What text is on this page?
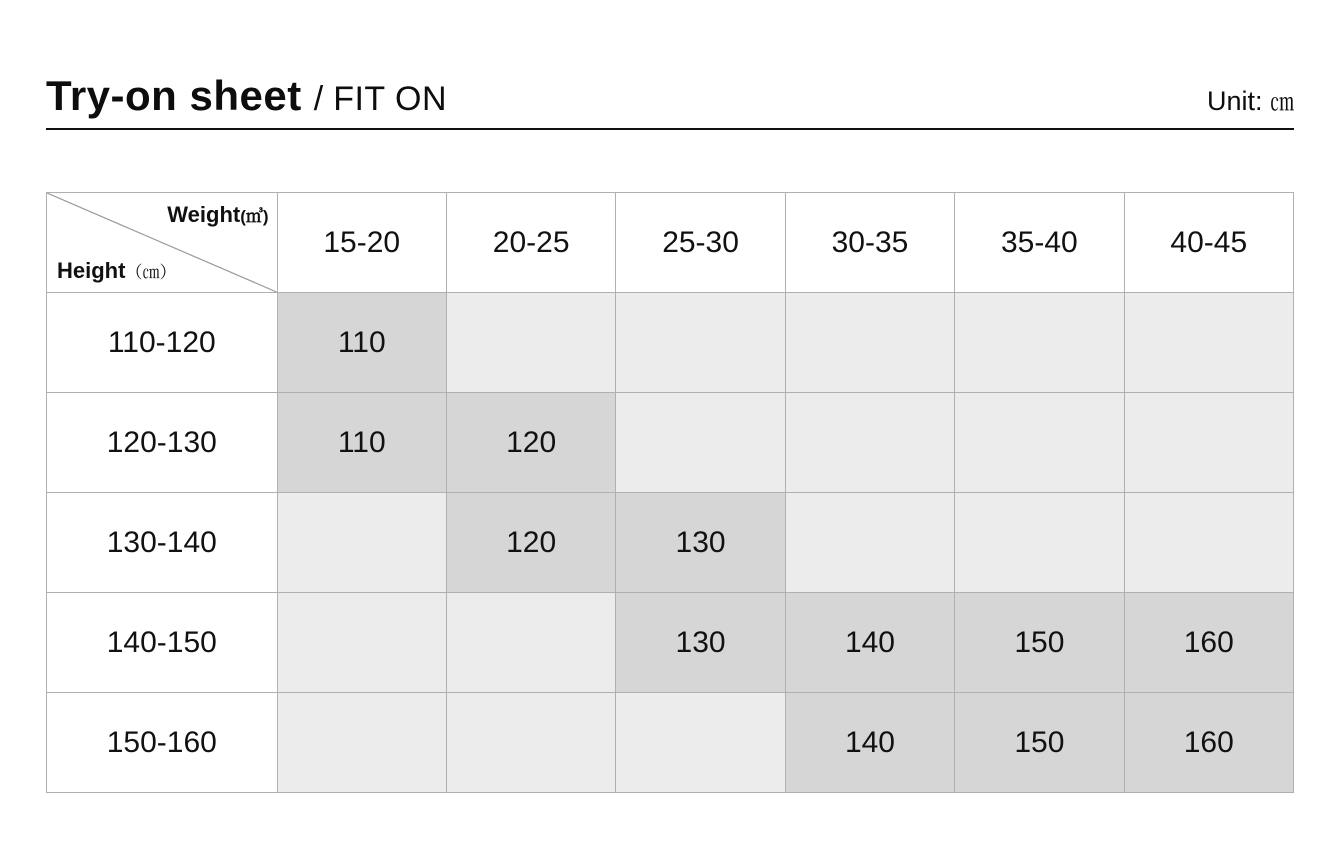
Try-on sheet / FIT ON	Unit: ㎝
Weight(㎥)
Height（㎝）	15-20	20-25	25-30	30-35	35-40	40-45
110-120	110					
120-130	110	120				
130-140		120	130			
140-150			130	140	150	160
150-160				140	150	160
